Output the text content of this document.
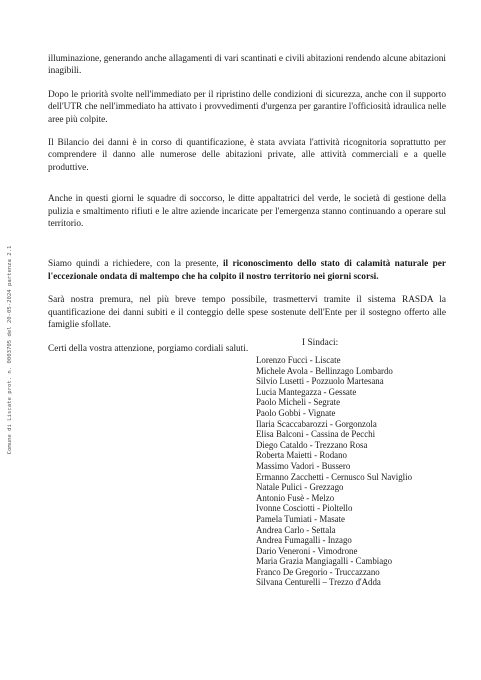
Comune di Liscate prot. n. 0003705 del 20-05-2024 partenza 2.1

illuminazione, generando anche allagamenti di vari scantinati e civili abitazioni rendendo alcune abitazioni inagibili.

Dopo le priorità svolte nell'immediato per il ripristino delle condizioni di sicurezza, anche con il supporto dell'UTR che nell'immediato ha attivato i provvedimenti d'urgenza per garantire l'officiosità idraulica nelle aree più colpite.

Il Bilancio dei danni è in corso di quantificazione, è stata avviata l'attività ricognitoria soprattutto per comprendere il danno alle numerose delle abitazioni private, alle attività commerciali e a quelle produttive.

Anche in questi giorni le squadre di soccorso, le ditte appaltatrici del verde, le società di gestione della pulizia e smaltimento rifiuti e le altre aziende incaricate per l'emergenza stanno continuando a operare sul territorio.

Siamo quindi a richiedere, con la presente, il riconoscimento dello stato di calamità naturale per l'eccezionale ondata di maltempo che ha colpito il nostro territorio nei giorni scorsi.

Sarà nostra premura, nel più breve tempo possibile, trasmettervi tramite il sistema RASDA la quantificazione dei danni subiti e il conteggio delle spese sostenute dell'Ente per il sostegno offerto alle famiglie sfollate.

Certi della vostra attenzione, porgiamo cordiali saluti.

I Sindaci:

Lorenzo Fucci - Liscate
Michele Avola - Bellinzago Lombardo
Silvio Lusetti - Pozzuolo Martesana
Lucia Mantegazza - Gessate
Paolo Micheli - Segrate
Paolo Gobbi - Vignate
Ilaria Scaccabarozzi - Gorgonzola
Elisa Balconi - Cassina de Pecchi
Diego Cataldo - Trezzano Rosa
Roberta Maietti - Rodano
Massimo Vadori - Bussero
Ermanno Zacchetti - Cernusco Sul Naviglio
Natale Pulici - Grezzago
Antonio Fusè - Melzo
Ivonne Cosciotti - Pioltello
Pamela Tumiati - Masate
Andrea Carlo - Settala
Andrea Fumagalli - Inzago
Dario Veneroni - Vimodrone
Maria Grazia Mangiagalli - Cambiago
Franco De Gregorio - Truccazzano
Silvana Centurelli – Trezzo d'Adda
